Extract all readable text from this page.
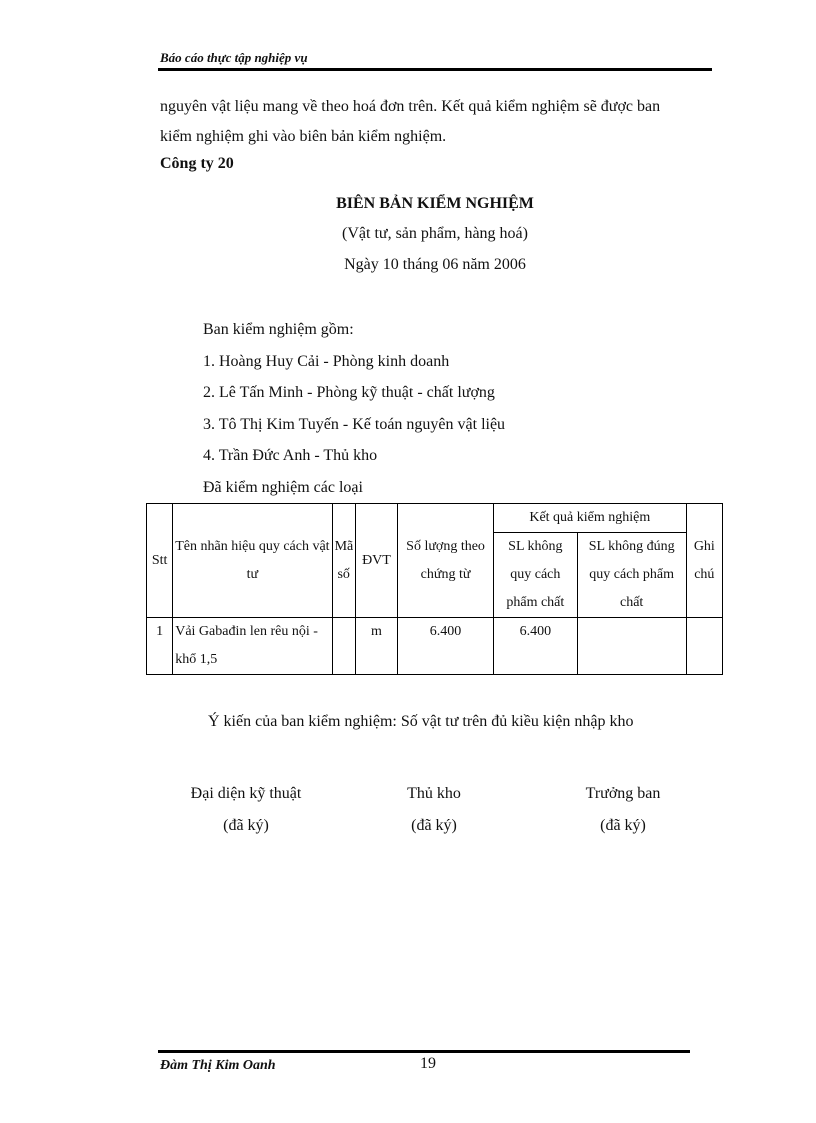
Báo cáo thực tập nghiệp vụ
nguyên vật liệu mang về theo hoá đơn trên. Kết quả kiểm nghiệm sẽ được ban
kiểm nghiệm ghi vào biên bản kiểm nghiệm.
Công ty 20
BIÊN BẢN KIỂM NGHIỆM
(Vật tư, sản phẩm, hàng hoá)
Ngày 10 tháng 06 năm 2006
Ban kiểm nghiệm gồm:
1. Hoàng Huy Cải - Phòng kinh doanh
2. Lê Tấn Minh - Phòng kỹ thuật - chất lượng
3. Tô Thị Kim Tuyến - Kế toán nguyên vật liệu
4. Trần Đức Anh - Thủ kho
Đã kiểm nghiệm các loại
Stt	Tên nhãn hiệu quy cách vật tư	Mã số	ĐVT	Số lượng theo chứng từ	Kết quả kiểm nghiệm		Ghi chú
					SL không quy cách phẩm chất	SL không đúng quy cách phẩm chất	

1	Vải Gabađin len rêu nội - khổ 1,5		m	6.400	6.400		
Ý kiến của ban kiểm nghiệm: Số vật tư trên đủ kiều kiện nhập kho
Đại diện kỹ thuật
(đã ký)
Thủ kho
(đã ký)
Trưởng ban
(đã ký)
Đàm Thị Kim Oanh	19
